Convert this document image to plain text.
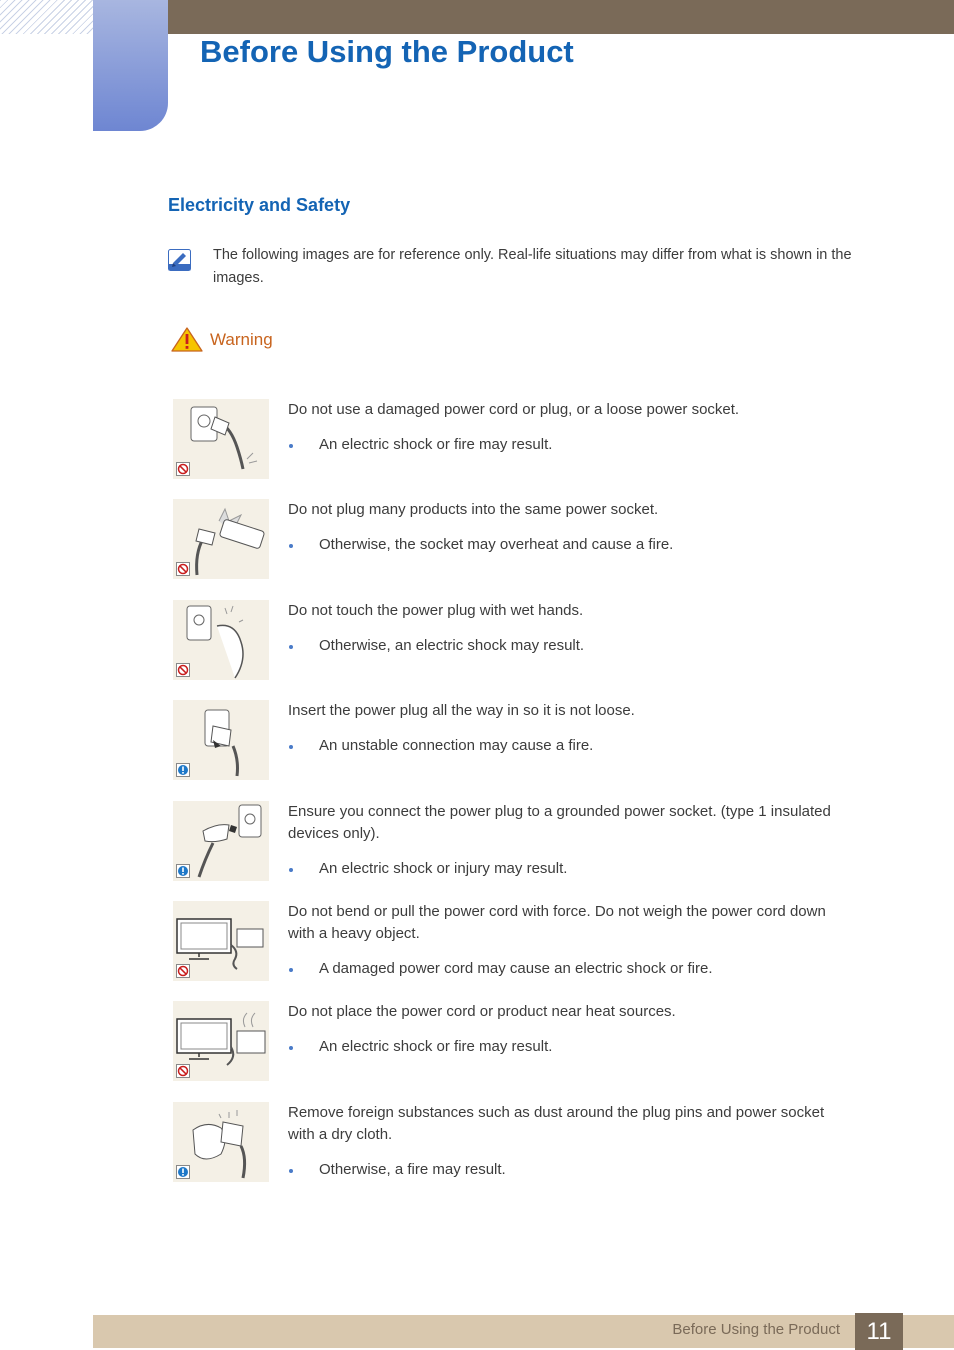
Before Using the Product
Electricity and Safety

The following images are for reference only. Real-life situations may differ from what is shown in the images.

Warning

Do not use a damaged power cord or plug, or a loose power socket.

An electric shock or fire may result.

Do not plug many products into the same power socket.

Otherwise, the socket may overheat and cause a fire.

Do not touch the power plug with wet hands.

Otherwise, an electric shock may result.

Insert the power plug all the way in so it is not loose.

An unstable connection may cause a fire.

Ensure you connect the power plug to a grounded power socket. (type 1 insulated devices only).

An electric shock or injury may result.

Do not bend or pull the power cord with force. Do not weigh the power cord down with a heavy object.

A damaged power cord may cause an electric shock or fire.

Do not place the power cord or product near heat sources.

An electric shock or fire may result.

Remove foreign substances such as dust around the plug pins and power socket with a dry cloth.

Otherwise, a fire may result.
Before Using the Product	11
